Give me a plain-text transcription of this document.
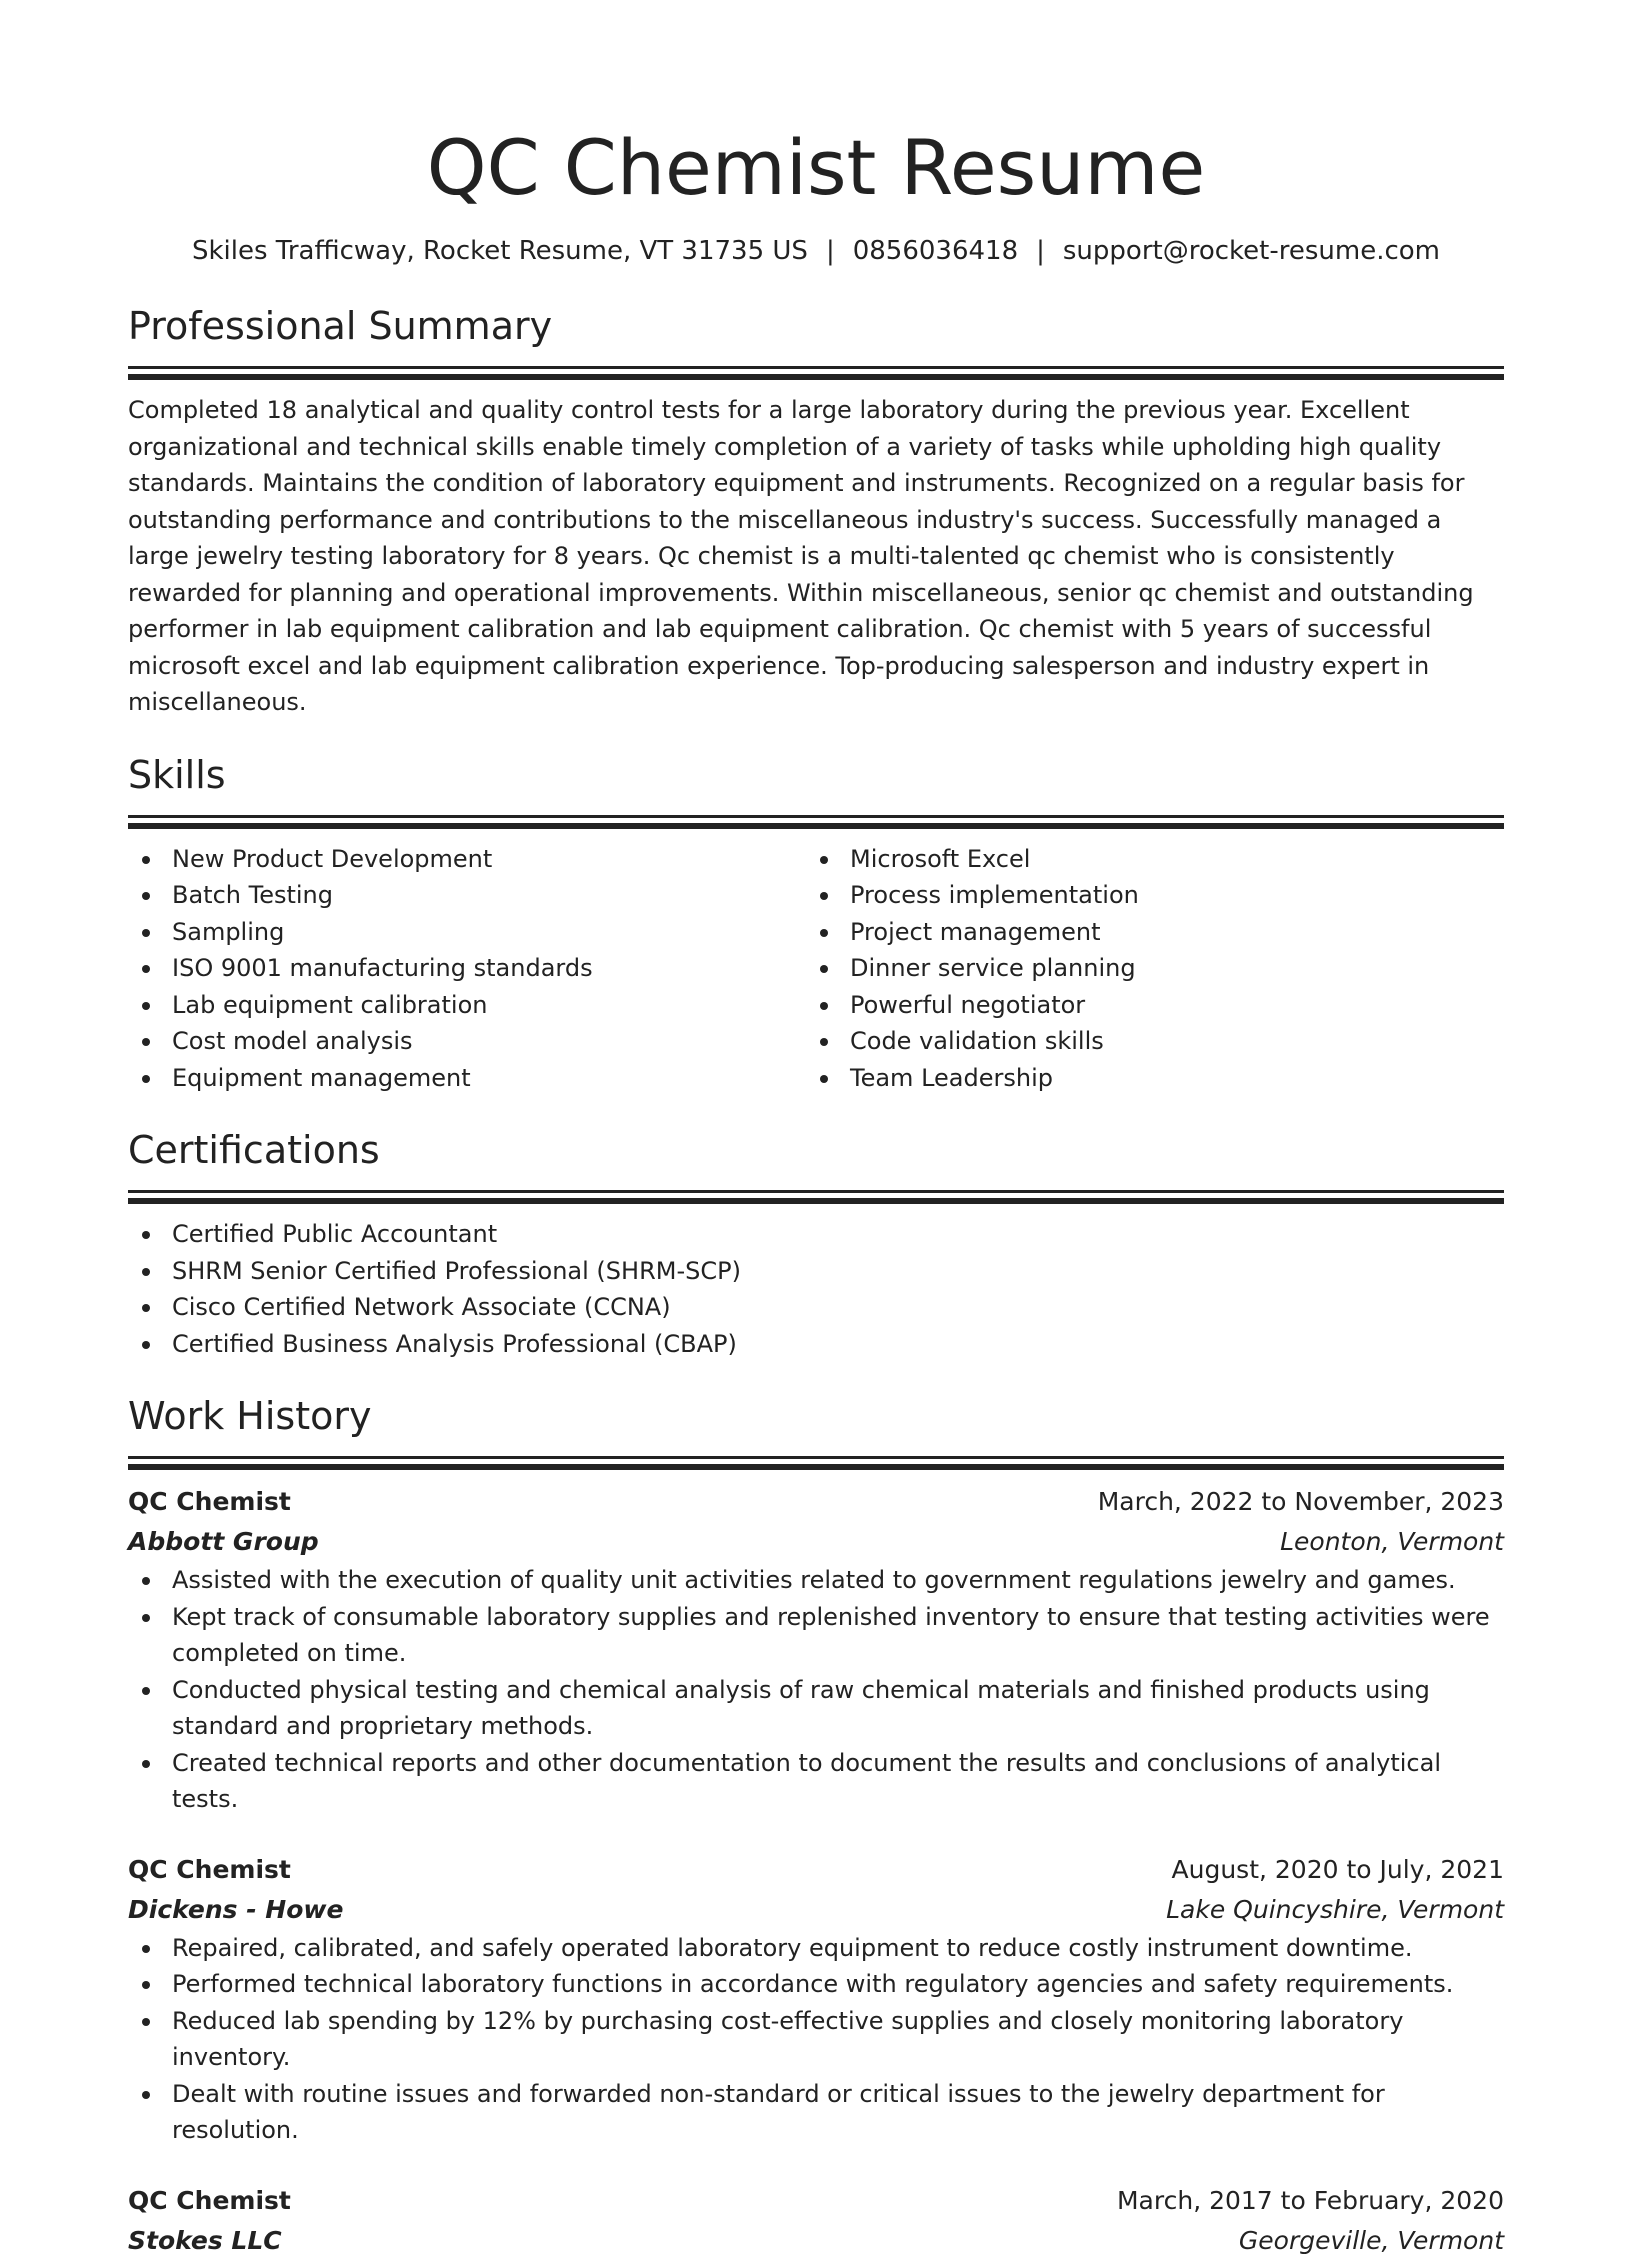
QC Chemist Resume
Skiles Trafficway, Rocket Resume, VT 31735 US | 0856036418 | support@rocket-resume.com
Professional Summary

Completed 18 analytical and quality control tests for a large laboratory during the previous year. Excellent organizational and technical skills enable timely completion of a variety of tasks while upholding high quality standards. Maintains the condition of laboratory equipment and instruments. Recognized on a regular basis for outstanding performance and contributions to the miscellaneous industry's success. Successfully managed a large jewelry testing laboratory for 8 years. Qc chemist is a multi-talented qc chemist who is consistently rewarded for planning and operational improvements. Within miscellaneous, senior qc chemist and outstanding performer in lab equipment calibration and lab equipment calibration. Qc chemist with 5 years of successful microsoft excel and lab equipment calibration experience. Top-producing salesperson and industry expert in miscellaneous.

Skills
New Product Development
Batch Testing
Sampling
ISO 9001 manufacturing standards
Lab equipment calibration
Cost model analysis
Equipment management
Microsoft Excel
Process implementation
Project management
Dinner service planning
Powerful negotiator
Code validation skills
Team Leadership
Certifications
Certified Public Accountant
SHRM Senior Certified Professional (SHRM-SCP)
Cisco Certified Network Associate (CCNA)
Certified Business Analysis Professional (CBAP)
Work History
QC Chemist	March, 2022 to November, 2023
Abbott Group	Leonton, Vermont
Assisted with the execution of quality unit activities related to government regulations jewelry and games.
Kept track of consumable laboratory supplies and replenished inventory to ensure that testing activities were completed on time.
Conducted physical testing and chemical analysis of raw chemical materials and finished products using standard and proprietary methods.
Created technical reports and other documentation to document the results and conclusions of analytical tests.
QC Chemist	August, 2020 to July, 2021
Dickens - Howe	Lake Quincyshire, Vermont
Repaired, calibrated, and safely operated laboratory equipment to reduce costly instrument downtime.
Performed technical laboratory functions in accordance with regulatory agencies and safety requirements.
Reduced lab spending by 12% by purchasing cost-effective supplies and closely monitoring laboratory inventory.
Dealt with routine issues and forwarded non-standard or critical issues to the jewelry department for resolution.
QC Chemist	March, 2017 to February, 2020
Stokes LLC	Georgeville, Vermont
